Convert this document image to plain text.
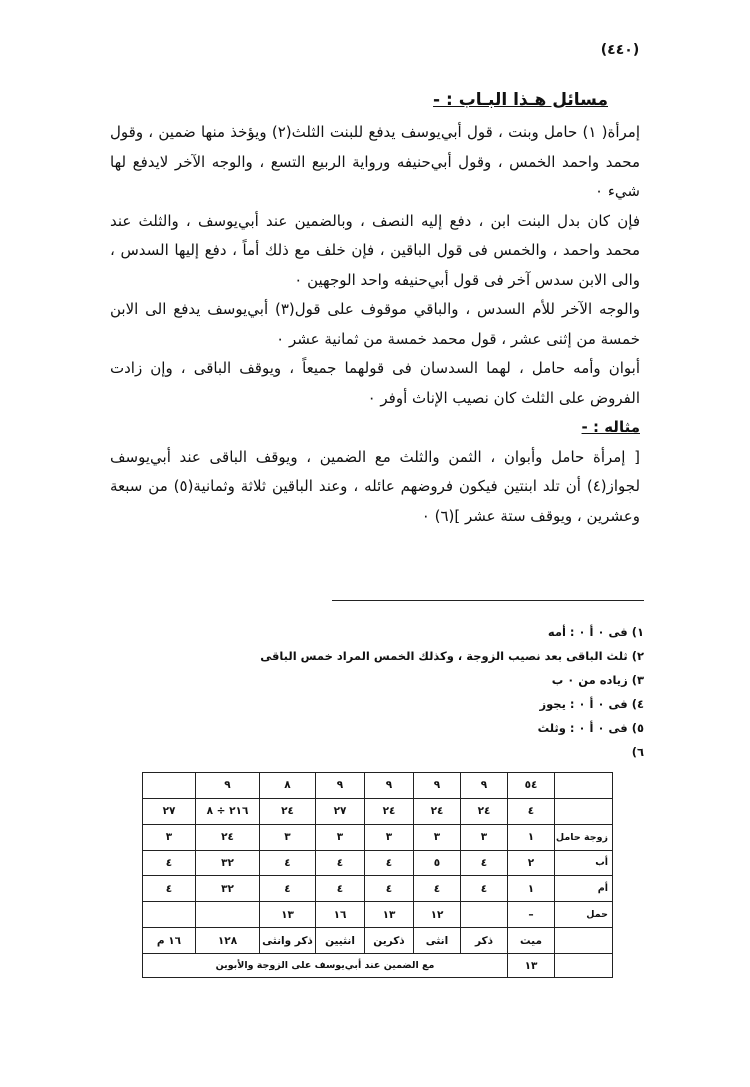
(٤٤٠)
مسائل هـذا البـاب : -

إمرأة( ١) حامل وبنت ، قول أبي‌يوسف يدفع للبنت الثلث(٢) ويؤخذ منها ضمين ، وقول محمد واحمد الخمس ، وقول أبي‌حنيفه ورواية الربيع التسع ، والوجه الآخر لايدفع لها شيء ٠

فإن كان بدل البنت ابن ، دفع إليه النصف ، وبالضمين عند أبي‌يوسف ، والثلث عند محمد واحمد ، والخمس فى قول الباقين ، فإن خلف مع ذلك أماً ، دفع إليها السدس ، والى الابن سدس آخر فى قول أبي‌حنيفه واحد الوجهين ٠

والوجه الآخر للأم السدس ، والباقي موقوف على قول(٣) أبي‌يوسف يدفع الى الابن خمسة من إثنى عشر ، قول محمد خمسة من ثمانية عشر ٠

أبوان وأمه حامل ، لهما السدسان فى قولهما جميعاً ، ويوقف الباقى ، وإن زادت الفروض على الثلث كان نصيب الإناث أوفر ٠

مثاله : -

[ إمرأة حامل وأبوان ، الثمن والثلث مع الضمين ، ويوقف الباقى عند أبي‌يوسف لجواز(٤) أن تلد ابنتين فيكون فروضهم عائله ، وعند الباقين ثلاثة وثمانية(٥) من سبعة وعشرين ، ويوقف ستة عشر ](٦) ٠

١) فى ٠ أ ٠ : أمه
٢) ثلث الباقى بعد نصيب الزوجة ، وكذلك الخمس المراد خمس الباقى
٣) زياده من ٠ ب
٤) فى ٠ أ ٠ : يجوز
٥) فى ٠ أ ٠ : وثلث
٦)
	٥٤	٩	٩	٩	٩	٨	٩	
	٤	٢٤	٢٤	٢٤	٢٧	٢٤	٢١٦ ÷ ٨	٢٧
زوجة حامل	١	٣	٣	٣	٣	٣	٢٤	٣
أب	٢	٤	٥	٤	٤	٤	٣٢	٤
أم	١	٤	٤	٤	٤	٤	٣٢	٤
حمل	–		١٢	١٣	١٦	١٣		
	ميت	ذكر	انثى	ذكرين	انثيين	ذكر وانثى	١٢٨	١٦ م
	١٣	مع الضمين عند أبي‌يوسف على الزوجة والأبوين						
